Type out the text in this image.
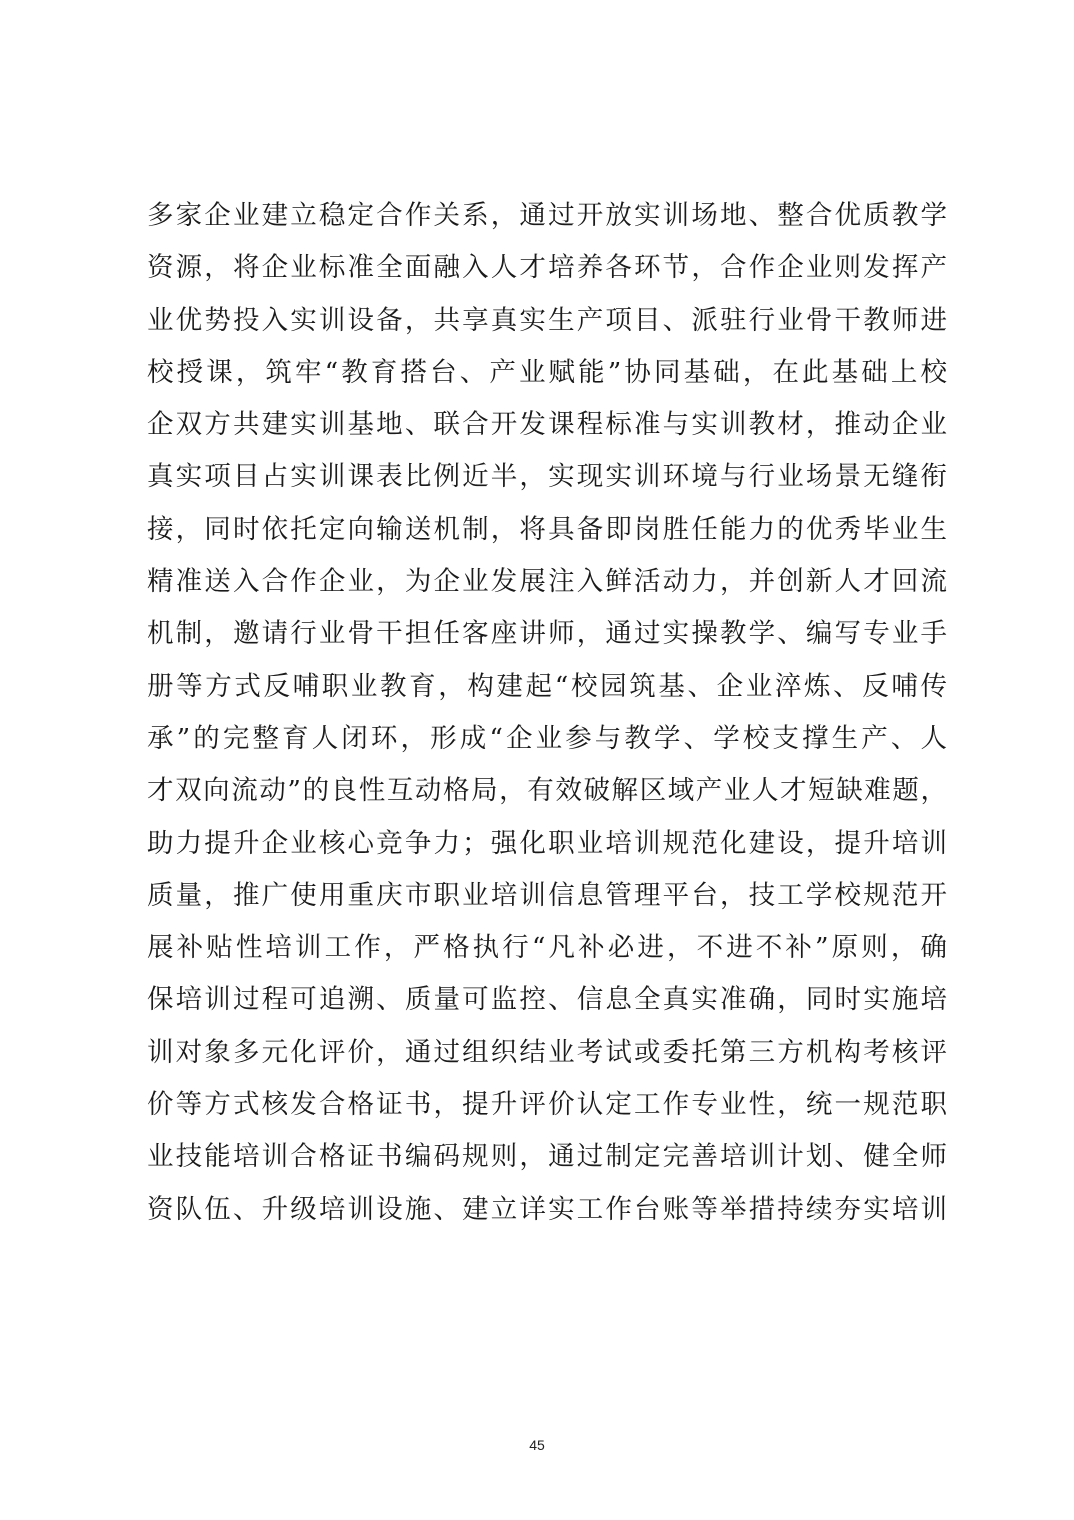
多家企业建立稳定合作关系，通过开放实训场地、整合优质教学
资源，将企业标准全面融入人才培养各环节，合作企业则发挥产
业优势投入实训设备，共享真实生产项目、派驻行业骨干教师进
校授课，筑牢“教育搭台、产业赋能”协同基础，在此基础上校
企双方共建实训基地、联合开发课程标准与实训教材，推动企业
真实项目占实训课表比例近半，实现实训环境与行业场景无缝衔
接，同时依托定向输送机制，将具备即岗胜任能力的优秀毕业生
精准送入合作企业，为企业发展注入鲜活动力，并创新人才回流
机制，邀请行业骨干担任客座讲师，通过实操教学、编写专业手
册等方式反哺职业教育，构建起“校园筑基、企业淬炼、反哺传
承”的完整育人闭环，形成“企业参与教学、学校支撑生产、人
才双向流动”的良性互动格局，有效破解区域产业人才短缺难题，
助力提升企业核心竞争力；强化职业培训规范化建设，提升培训
质量，推广使用重庆市职业培训信息管理平台，技工学校规范开
展补贴性培训工作，严格执行“凡补必进，不进不补”原则，确
保培训过程可追溯、质量可监控、信息全真实准确，同时实施培
训对象多元化评价，通过组织结业考试或委托第三方机构考核评
价等方式核发合格证书，提升评价认定工作专业性，统一规范职
业技能培训合格证书编码规则，通过制定完善培训计划、健全师
资队伍、升级培训设施、建立详实工作台账等举措持续夯实培训
45
